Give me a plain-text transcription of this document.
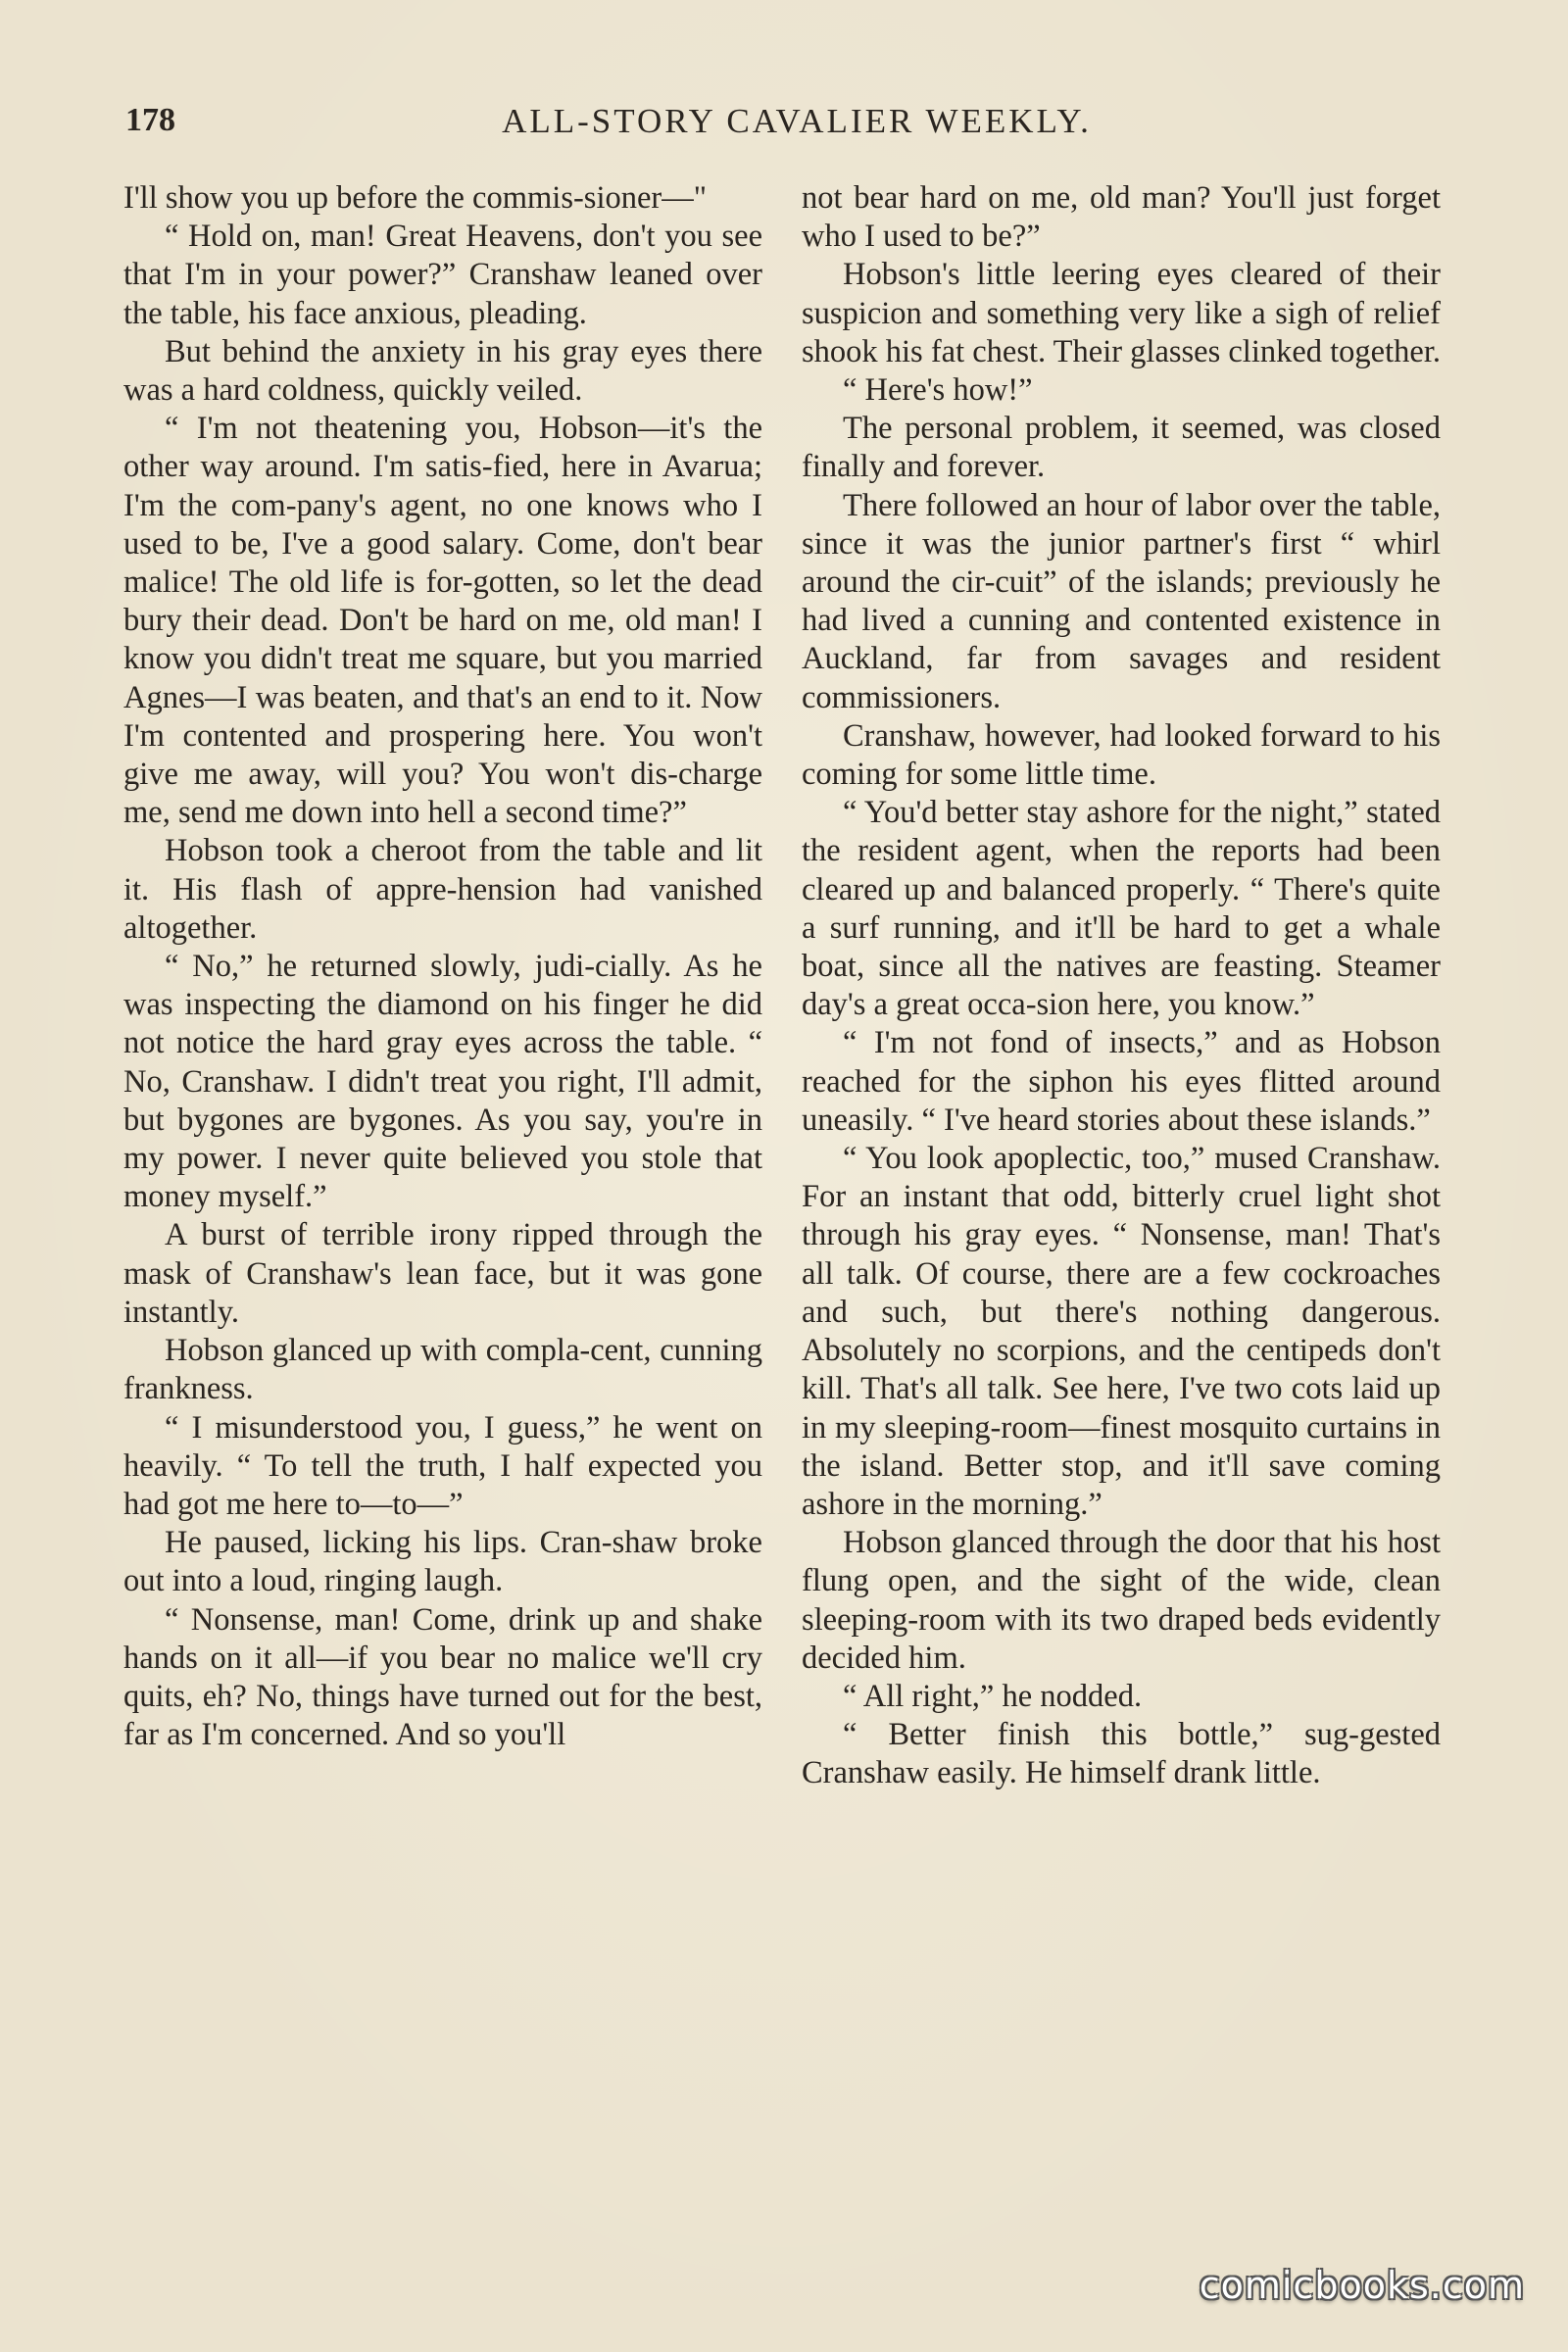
178	ALL-STORY CAVALIER WEEKLY.

I'll show you up before the commis-sioner—"

“ Hold on, man! Great Heavens, don't you see that I'm in your power?” Cranshaw leaned over the table, his face anxious, pleading.

But behind the anxiety in his gray eyes there was a hard coldness, quickly veiled.

“ I'm not theatening you, Hobson—it's the other way around. I'm satis-fied, here in Avarua; I'm the com-pany's agent, no one knows who I used to be, I've a good salary. Come, don't bear malice! The old life is for-gotten, so let the dead bury their dead. Don't be hard on me, old man! I know you didn't treat me square, but you married Agnes—I was beaten, and that's an end to it. Now I'm contented and prospering here. You won't give me away, will you? You won't dis-charge me, send me down into hell a second time?”

Hobson took a cheroot from the table and lit it. His flash of appre-hension had vanished altogether.

“ No,” he returned slowly, judi-cially. As he was inspecting the diamond on his finger he did not notice the hard gray eyes across the table. “ No, Cranshaw. I didn't treat you right, I'll admit, but bygones are bygones. As you say, you're in my power. I never quite believed you stole that money myself.”

A burst of terrible irony ripped through the mask of Cranshaw's lean face, but it was gone instantly.

Hobson glanced up with compla-cent, cunning frankness.

“ I misunderstood you, I guess,” he went on heavily. “ To tell the truth, I half expected you had got me here to—to—”

He paused, licking his lips. Cran-shaw broke out into a loud, ringing laugh.

“ Nonsense, man! Come, drink up and shake hands on it all—if you bear no malice we'll cry quits, eh? No, things have turned out for the best, far as I'm concerned. And so you'll

not bear hard on me, old man? You'll just forget who I used to be?”

Hobson's little leering eyes cleared of their suspicion and something very like a sigh of relief shook his fat chest. Their glasses clinked together.

“ Here's how!”

The personal problem, it seemed, was closed finally and forever.

There followed an hour of labor over the table, since it was the junior partner's first “ whirl around the cir-cuit” of the islands; previously he had lived a cunning and contented existence in Auckland, far from savages and resident commissioners.

Cranshaw, however, had looked forward to his coming for some little time.

“ You'd better stay ashore for the night,” stated the resident agent, when the reports had been cleared up and balanced properly. “ There's quite a surf running, and it'll be hard to get a whale boat, since all the natives are feasting. Steamer day's a great occa-sion here, you know.”

“ I'm not fond of insects,” and as Hobson reached for the siphon his eyes flitted around uneasily. “ I've heard stories about these islands.”

“ You look apoplectic, too,” mused Cranshaw. For an instant that odd, bitterly cruel light shot through his gray eyes. “ Nonsense, man! That's all talk. Of course, there are a few cockroaches and such, but there's nothing dangerous. Absolutely no scorpions, and the centipeds don't kill. That's all talk. See here, I've two cots laid up in my sleeping-room—finest mosquito curtains in the island. Better stop, and it'll save coming ashore in the morning.”

Hobson glanced through the door that his host flung open, and the sight of the wide, clean sleeping-room with its two draped beds evidently decided him.

“ All right,” he nodded.

“ Better finish this bottle,” sug-gested Cranshaw easily. He himself drank little.

comicbooks.com
